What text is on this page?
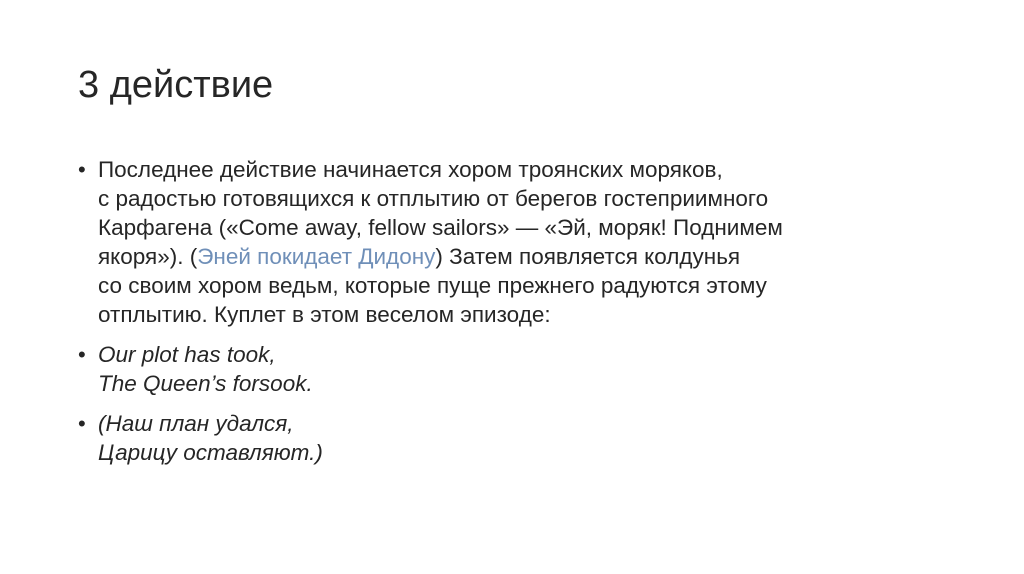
3 действие
• Последнее действие начинается хором троянских моряков,
с радостью готовящихся к отплытию от берегов гостеприимного
Карфагена («Come away, fellow sailors» — «Эй, моряк! Поднимем
якоря»). (Эней покидает Дидону) Затем появляется колдунья
со своим хором ведьм, которые пуще прежнего радуются этому
отплытию. Куплет в этом веселом эпизоде:
• Our plot has took,
The Queen’s forsook.
• (Наш план удался,
Царицу оставляют.)
